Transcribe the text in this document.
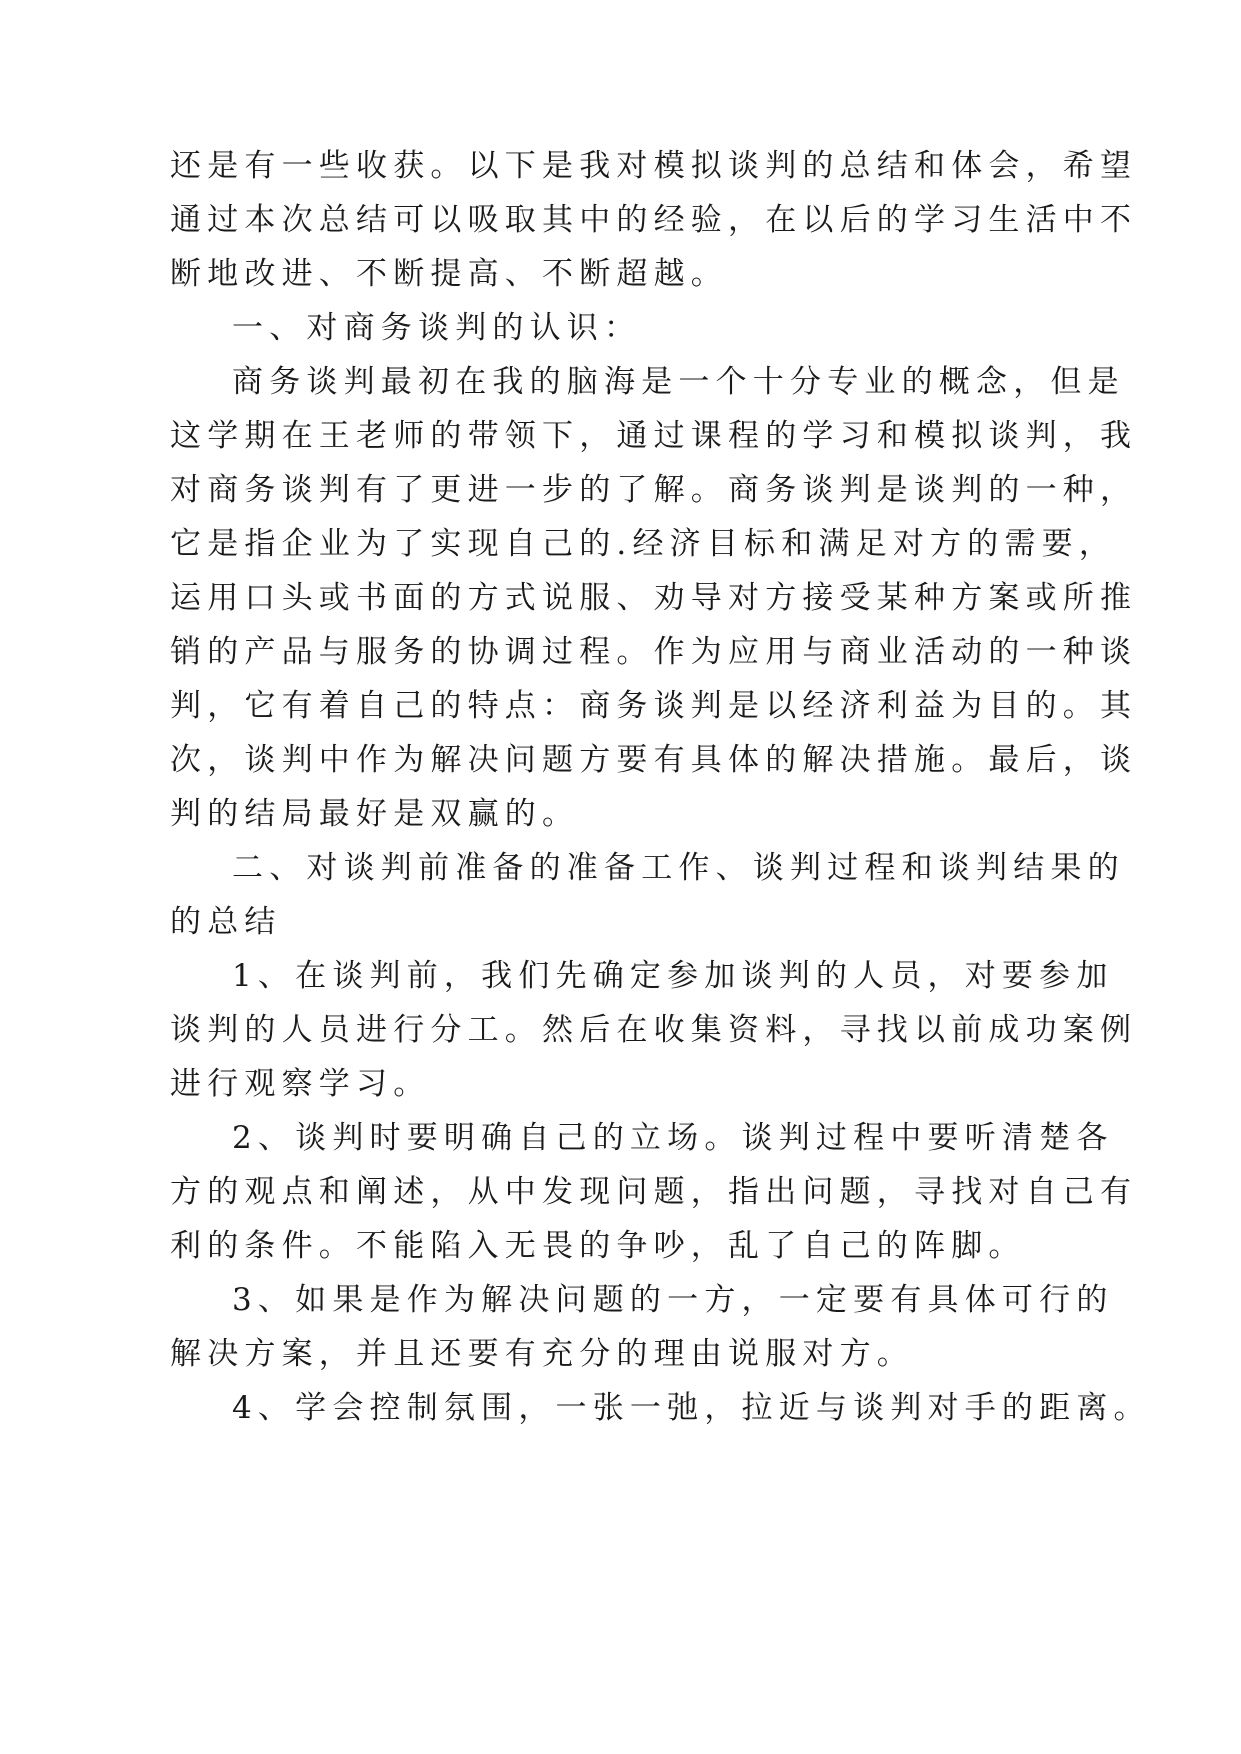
还是有一些收获。以下是我对模拟谈判的总结和体会，希望
通过本次总结可以吸取其中的经验，在以后的学习生活中不
断地改进、不断提高、不断超越。
一、对商务谈判的认识：
商务谈判最初在我的脑海是一个十分专业的概念，但是
这学期在王老师的带领下，通过课程的学习和模拟谈判，我
对商务谈判有了更进一步的了解。商务谈判是谈判的一种，
它是指企业为了实现自己的.经济目标和满足对方的需要，
运用口头或书面的方式说服、劝导对方接受某种方案或所推
销的产品与服务的协调过程。作为应用与商业活动的一种谈
判，它有着自己的特点：商务谈判是以经济利益为目的。其
次，谈判中作为解决问题方要有具体的解决措施。最后，谈
判的结局最好是双赢的。
二、对谈判前准备的准备工作、谈判过程和谈判结果的
的总结
1、在谈判前，我们先确定参加谈判的人员，对要参加
谈判的人员进行分工。然后在收集资料，寻找以前成功案例
进行观察学习。
2、谈判时要明确自己的立场。谈判过程中要听清楚各
方的观点和阐述，从中发现问题，指出问题，寻找对自己有
利的条件。不能陷入无畏的争吵，乱了自己的阵脚。
3、如果是作为解决问题的一方，一定要有具体可行的
解决方案，并且还要有充分的理由说服对方。
4、学会控制氛围，一张一弛，拉近与谈判对手的距离。
